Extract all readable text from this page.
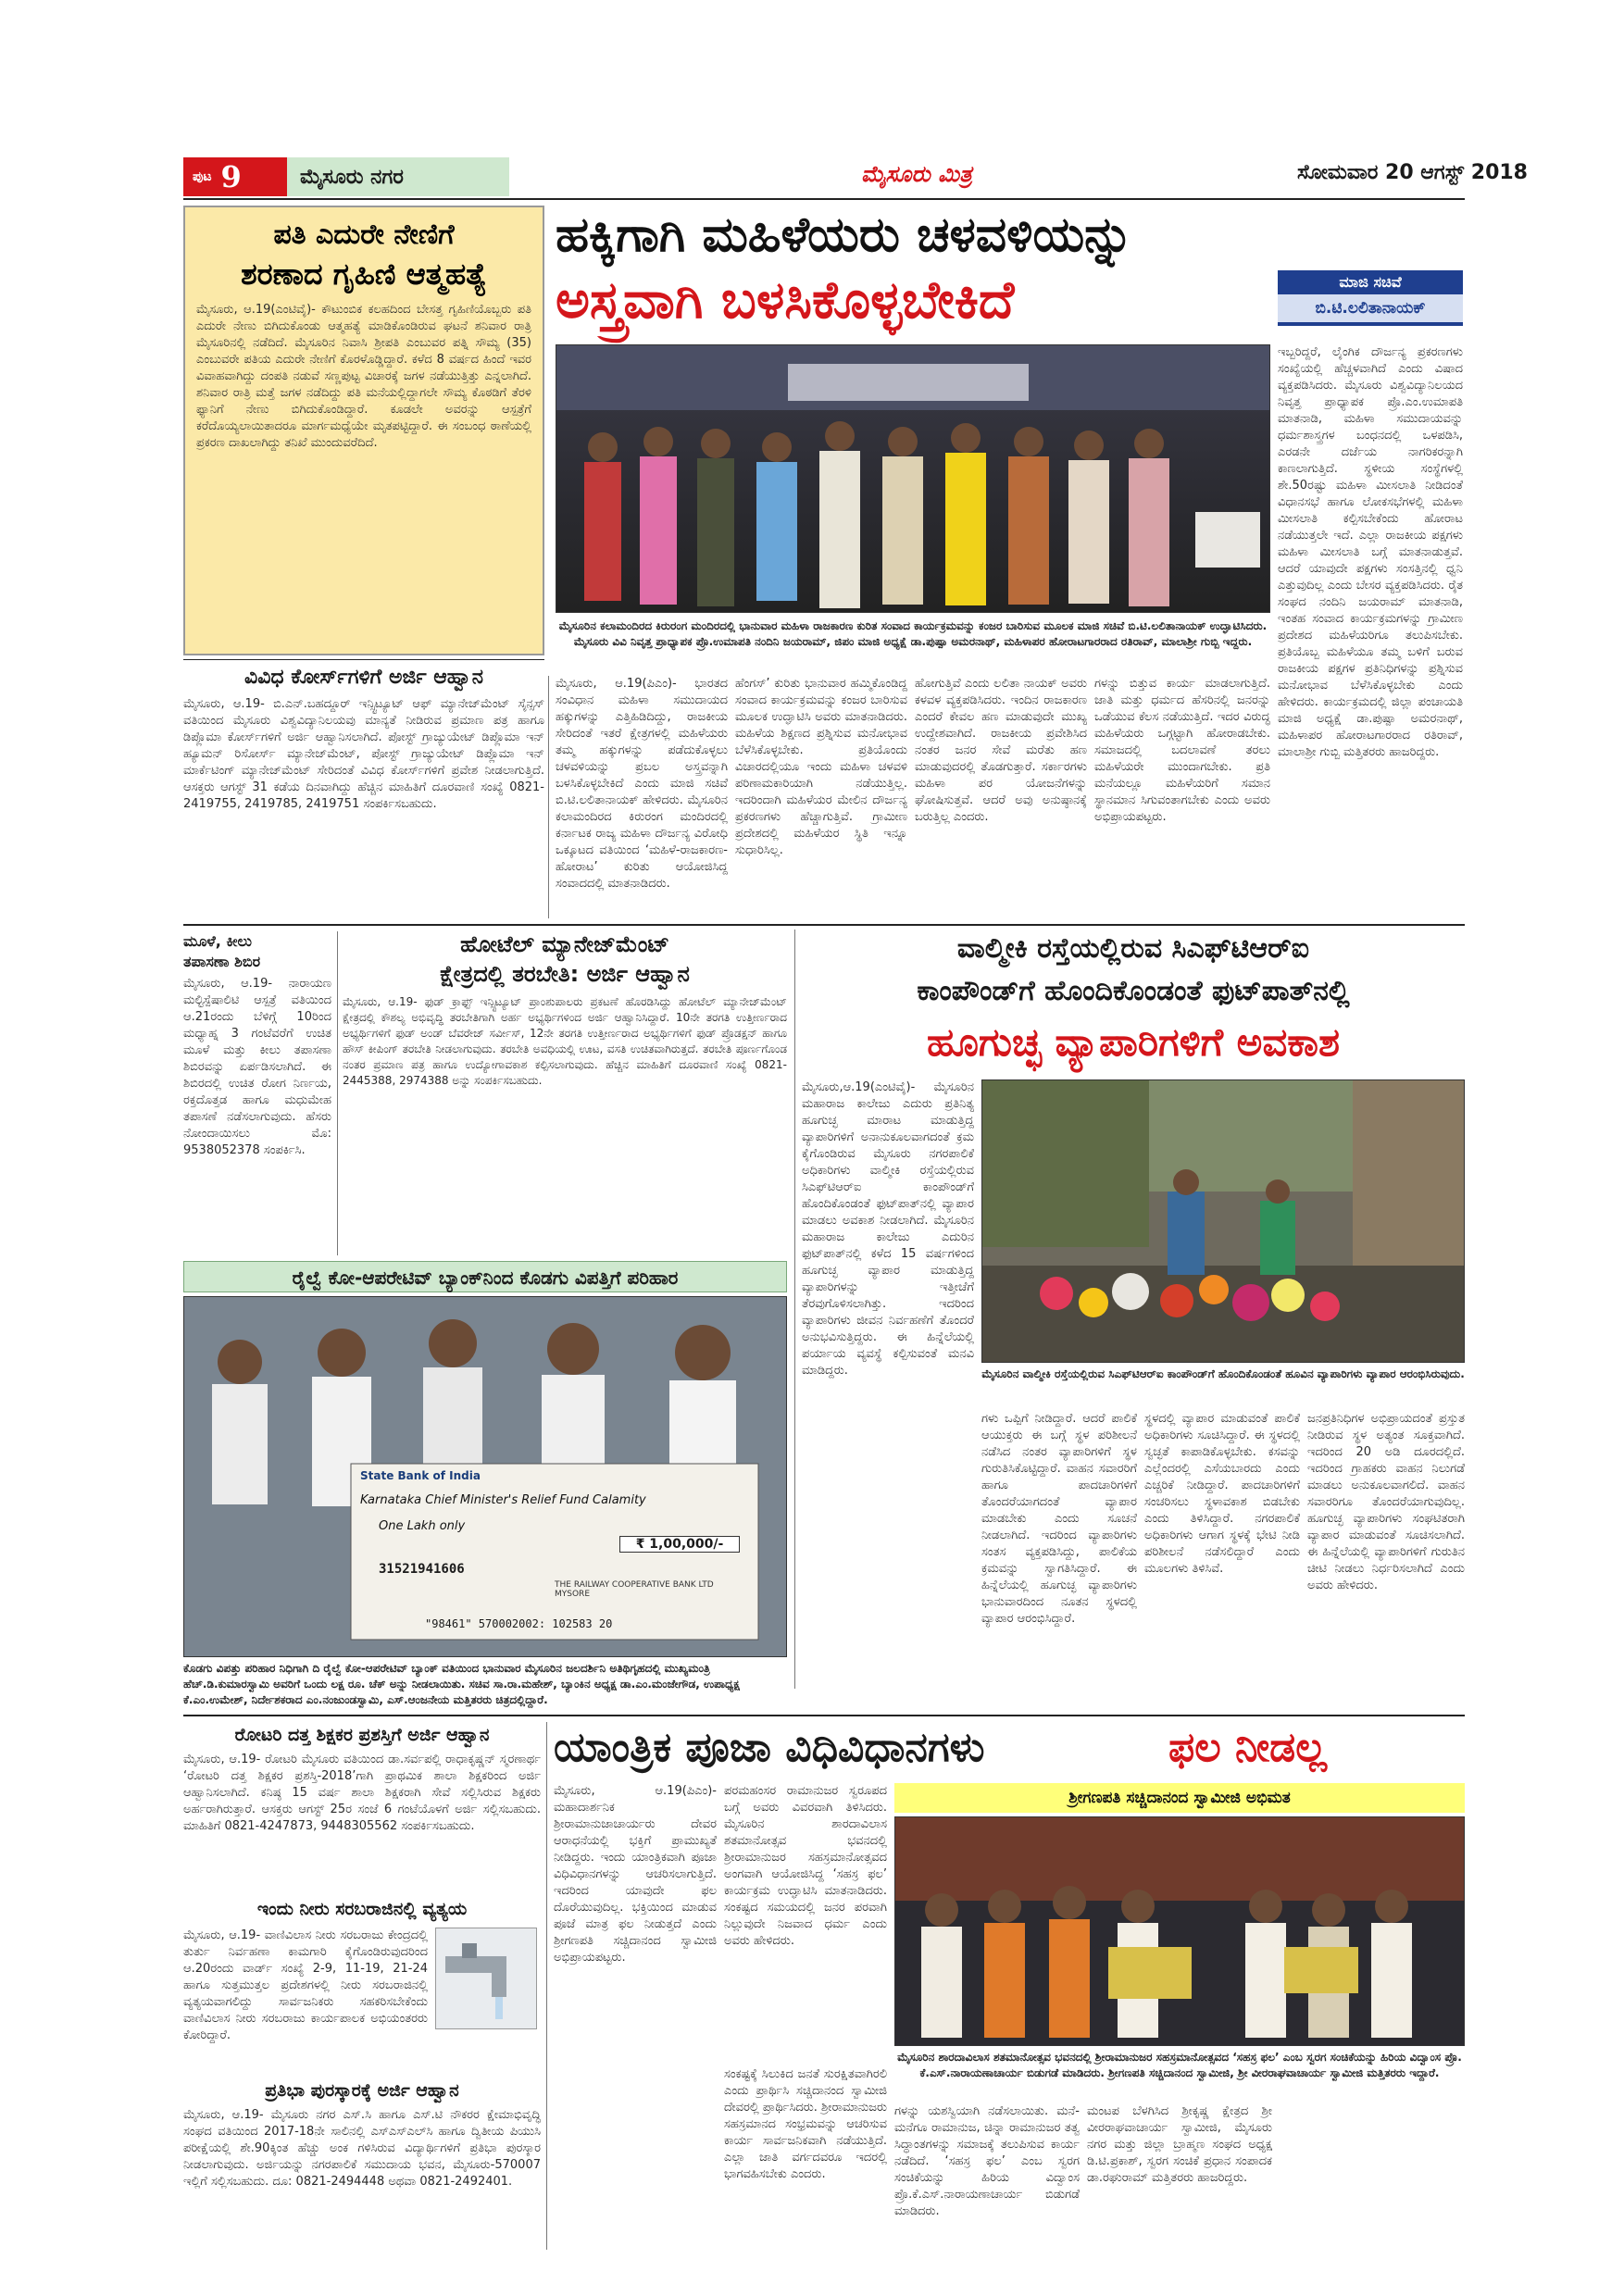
ಪುಟ 9	ಮೈಸೂರು ನಗರ	ಮೈಸೂರು ಮಿತ್ರ	ಸೋಮವಾರ 20 ಆಗಸ್ಟ್ 2018
ಪತಿ ಎದುರೇ ನೇಣಿಗೆ
ಶರಣಾದ ಗೃಹಿಣಿ ಆತ್ಮಹತ್ಯೆ
ಮೈಸೂರು, ಆ.19(ಎಂಟಿವೈ)- ಕೌಟುಂಬಿಕ ಕಲಹದಿಂದ ಬೇಸತ್ತ ಗೃಹಿಣಿಯೊಬ್ಬರು ಪತಿ ಎದುರೇ ನೇಣು ಬಿಗಿದುಕೊಂಡು ಆತ್ಮಹತ್ಯೆ ಮಾಡಿಕೊಂಡಿರುವ ಘಟನೆ ಶನಿವಾರ ರಾತ್ರಿ ಮೈಸೂರಿನಲ್ಲಿ ನಡೆದಿದೆ. ಮೈಸೂರಿನ ನಿವಾಸಿ ಶ್ರೀಪತಿ ಎಂಬುವರ ಪತ್ನಿ ಸೌಮ್ಯ (35) ಎಂಬುವರೇ ಪತಿಯ ಎದುರೇ ನೇಣಿಗೆ ಕೊರಳೊಡ್ಡಿದ್ದಾರೆ. ಕಳೆದ 8 ವರ್ಷದ ಹಿಂದೆ ಇವರ ವಿವಾಹವಾಗಿದ್ದು ದಂಪತಿ ನಡುವೆ ಸಣ್ಣಪುಟ್ಟ ವಿಚಾರಕ್ಕೆ ಜಗಳ ನಡೆಯುತ್ತಿತ್ತು ಎನ್ನಲಾಗಿದೆ. ಶನಿವಾರ ರಾತ್ರಿ ಮತ್ತೆ ಜಗಳ ನಡೆದಿದ್ದು ಪತಿ ಮನೆಯಲ್ಲಿದ್ದಾಗಲೇ ಸೌಮ್ಯ ಕೊಠಡಿಗೆ ತೆರಳಿ ಫ್ಯಾನಿಗೆ ನೇಣು ಬಿಗಿದುಕೊಂಡಿದ್ದಾರೆ. ಕೂಡಲೇ ಅವರನ್ನು ಆಸ್ಪತ್ರೆಗೆ ಕರೆದೊಯ್ಯಲಾಯಿತಾದರೂ ಮಾರ್ಗಮಧ್ಯೆಯೇ ಮೃತಪಟ್ಟಿದ್ದಾರೆ. ಈ ಸಂಬಂಧ ಠಾಣೆಯಲ್ಲಿ ಪ್ರಕರಣ ದಾಖಲಾಗಿದ್ದು ತನಿಖೆ ಮುಂದುವರೆದಿದೆ.
ಹಕ್ಕಿಗಾಗಿ ಮಹಿಳೆಯರು ಚಳವಳಿಯನ್ನು
ಅಸ್ತ್ರವಾಗಿ ಬಳಸಿಕೊಳ್ಳಬೇಕಿದೆ	ಮಾಜಿ ಸಚಿವೆ
ಬಿ.ಟಿ.ಲಲಿತಾನಾಯಕ್
ಮೈಸೂರಿನ ಕಲಾಮಂದಿರದ ಕಿರುರಂಗ ಮಂದಿರದಲ್ಲಿ ಭಾನುವಾರ ಮಹಿಳಾ ರಾಜಕಾರಣ ಕುರಿತ ಸಂವಾದ ಕಾರ್ಯಕ್ರಮವನ್ನು ಕಂಜರ ಬಾರಿಸುವ ಮೂಲಕ ಮಾಜಿ ಸಚಿವೆ ಬಿ.ಟಿ.ಲಲಿತಾನಾಯಕ್ ಉದ್ಘಾಟಿಸಿದರು. ಮೈಸೂರು ವಿವಿ ನಿವೃತ್ತ ಪ್ರಾಧ್ಯಾಪಕ ಪ್ರೊ.ಉಮಾಪತಿ ನಂದಿನಿ ಜಯರಾಮ್, ಜಿಪಂ ಮಾಜಿ ಅಧ್ಯಕ್ಷೆ ಡಾ.ಪುಷ್ಪಾ ಅಮರನಾಥ್, ಮಹಿಳಾಪರ ಹೋರಾಟಗಾರರಾದ ರತಿರಾವ್, ಮಾಲಾಶ್ರೀ ಗುಬ್ಬಿ ಇದ್ದರು.
ಇಬ್ಬರಿದ್ದರೆ, ಲೈಂಗಿಕ ದೌರ್ಜನ್ಯ ಪ್ರಕರಣಗಳು ಸಂಖ್ಯೆಯಲ್ಲಿ ಹೆಚ್ಚಳವಾಗಿದೆ ಎಂದು ವಿಷಾದ ವ್ಯಕ್ತಪಡಿಸಿದರು. ಮೈಸೂರು ವಿಶ್ವವಿದ್ಯಾನಿಲಯದ ನಿವೃತ್ತ ಪ್ರಾಧ್ಯಾಪಕ ಪ್ರೊ.ಎಂ.ಉಮಾಪತಿ ಮಾತನಾಡಿ, ಮಹಿಳಾ ಸಮುದಾಯವನ್ನು ಧರ್ಮಶಾಸ್ತ್ರಗಳ ಬಂಧನದಲ್ಲಿ ಒಳಪಡಿಸಿ, ಎರಡನೇ ದರ್ಜೆಯ ನಾಗರಿಕರನ್ನಾಗಿ ಕಾಣಲಾಗುತ್ತಿದೆ. ಸ್ಥಳೀಯ ಸಂಸ್ಥೆಗಳಲ್ಲಿ ಶೇ.50ರಷ್ಟು ಮಹಿಳಾ ಮೀಸಲಾತಿ ನೀಡಿದಂತೆ ವಿಧಾನಸಭೆ ಹಾಗೂ ಲೋಕಸಭೆಗಳಲ್ಲಿ ಮಹಿಳಾ ಮೀಸಲಾತಿ ಕಲ್ಪಿಸಬೇಕೆಂದು ಹೋರಾಟ ನಡೆಯುತ್ತಲೇ ಇದೆ. ಎಲ್ಲಾ ರಾಜಕೀಯ ಪಕ್ಷಗಳು ಮಹಿಳಾ ಮೀಸಲಾತಿ ಬಗ್ಗೆ ಮಾತನಾಡುತ್ತವೆ. ಆದರೆ ಯಾವುದೇ ಪಕ್ಷಗಳು ಸಂಸತ್ತಿನಲ್ಲಿ ಧ್ವನಿ ಎತ್ತುವುದಿಲ್ಲ ಎಂದು ಬೇಸರ ವ್ಯಕ್ತಪಡಿಸಿದರು. ರೈತ ಸಂಘದ ನಂದಿನಿ ಜಯರಾಮ್ ಮಾತನಾಡಿ, ಇಂತಹ ಸಂವಾದ ಕಾರ್ಯಕ್ರಮಗಳನ್ನು ಗ್ರಾಮೀಣ ಪ್ರದೇಶದ ಮಹಿಳೆಯರಿಗೂ ತಲುಪಿಸಬೇಕು. ಪ್ರತಿಯೊಬ್ಬ ಮಹಿಳೆಯೂ ತಮ್ಮ ಬಳಿಗೆ ಬರುವ ರಾಜಕೀಯ ಪಕ್ಷಗಳ ಪ್ರತಿನಿಧಿಗಳನ್ನು ಪ್ರಶ್ನಿಸುವ ಮನೋಭಾವ ಬೆಳೆಸಿಕೊಳ್ಳಬೇಕು ಎಂದು ಹೇಳಿದರು. ಕಾರ್ಯಕ್ರಮದಲ್ಲಿ ಜಿಲ್ಲಾ ಪಂಚಾಯತಿ ಮಾಜಿ ಅಧ್ಯಕ್ಷೆ ಡಾ.ಪುಷ್ಪಾ ಅಮರನಾಥ್, ಮಹಿಳಾಪರ ಹೋರಾಟಗಾರರಾದ ರತಿರಾವ್, ಮಾಲಾಶ್ರೀ ಗುಬ್ಬಿ ಮತ್ತಿತರರು ಹಾಜರಿದ್ದರು.
ವಿವಿಧ ಕೋರ್ಸ್‌ಗಳಿಗೆ ಅರ್ಜಿ ಆಹ್ವಾನ
ಮೈಸೂರು, ಆ.19- ಬಿ.ಎನ್.ಬಹದ್ದೂರ್ ಇನ್ಸ್ಟಿಟ್ಯೂಟ್ ಆಫ್ ಮ್ಯಾನೇಜ್‌ಮೆಂಟ್ ಸೈನ್ಸಸ್ ವತಿಯಿಂದ ಮೈಸೂರು ವಿಶ್ವವಿದ್ಯಾನಿಲಯವು ಮಾನ್ಯತೆ ನೀಡಿರುವ ಪ್ರಮಾಣ ಪತ್ರ ಹಾಗೂ ಡಿಪ್ಲೊಮಾ ಕೋರ್ಸ್‌ಗಳಿಗೆ ಅರ್ಜಿ ಆಹ್ವಾನಿಸಲಾಗಿದೆ. ಪೋಸ್ಟ್ ಗ್ರಾಜ್ಯುಯೇಟ್ ಡಿಪ್ಲೊಮಾ ಇನ್ ಹ್ಯೂಮನ್ ರಿಸೋರ್ಸ್ ಮ್ಯಾನೇಜ್‌ಮೆಂಟ್, ಪೋಸ್ಟ್ ಗ್ರಾಜ್ಯುಯೇಟ್ ಡಿಪ್ಲೊಮಾ ಇನ್ ಮಾರ್ಕೆಟಿಂಗ್ ಮ್ಯಾನೇಜ್‌ಮೆಂಟ್ ಸೇರಿದಂತೆ ವಿವಿಧ ಕೋರ್ಸ್‌ಗಳಿಗೆ ಪ್ರವೇಶ ನೀಡಲಾಗುತ್ತಿದೆ. ಆಸಕ್ತರು ಆಗಸ್ಟ್ 31 ಕಡೆಯ ದಿನವಾಗಿದ್ದು ಹೆಚ್ಚಿನ ಮಾಹಿತಿಗೆ ದೂರವಾಣಿ ಸಂಖ್ಯೆ 0821-2419755, 2419785, 2419751 ಸಂಪರ್ಕಿಸಬಹುದು.
ಮೈಸೂರು, ಆ.19(ಪಿಎಂ)- ಭಾರತದ ಸಂವಿಧಾನ ಮಹಿಳಾ ಸಮುದಾಯದ ಹಕ್ಕುಗಳನ್ನು ಎತ್ತಿಹಿಡಿದಿದ್ದು, ರಾಜಕೀಯ ಸೇರಿದಂತೆ ಇತರೆ ಕ್ಷೇತ್ರಗಳಲ್ಲಿ ಮಹಿಳೆಯರು ತಮ್ಮ ಹಕ್ಕುಗಳನ್ನು ಪಡೆದುಕೊಳ್ಳಲು ಚಳವಳಿಯನ್ನು ಪ್ರಬಲ ಅಸ್ತ್ರವನ್ನಾಗಿ ಬಳಸಿಕೊಳ್ಳಬೇಕಿದೆ ಎಂದು ಮಾಜಿ ಸಚಿವೆ ಬಿ.ಟಿ.ಲಲಿತಾನಾಯಕ್ ಹೇಳಿದರು. ಮೈಸೂರಿನ ಕಲಾಮಂದಿರದ ಕಿರುರಂಗ ಮಂದಿರದಲ್ಲಿ ಕರ್ನಾಟಕ ರಾಜ್ಯ ಮಹಿಳಾ ದೌರ್ಜನ್ಯ ವಿರೋಧಿ ಒಕ್ಕೂಟದ ವತಿಯಿಂದ ‘ಮಹಿಳೆ-ರಾಜಕಾರಣ-ಹೋರಾಟ’ ಕುರಿತು ಆಯೋಜಿಸಿದ್ದ ಸಂವಾದದಲ್ಲಿ ಮಾತನಾಡಿದರು.
ಹೆಂಗಸ್’ ಕುರಿತು ಭಾನುವಾರ ಹಮ್ಮಿಕೊಂಡಿದ್ದ ಸಂವಾದ ಕಾರ್ಯಕ್ರಮವನ್ನು ಕಂಜರ ಬಾರಿಸುವ ಮೂಲಕ ಉದ್ಘಾಟಿಸಿ ಅವರು ಮಾತನಾಡಿದರು. ಮಹಿಳೆಯ ಶಿಕ್ಷಣದ ಪ್ರಶ್ನಿಸುವ ಮನೋಭಾವ ಬೆಳೆಸಿಕೊಳ್ಳಬೇಕು. ಪ್ರತಿಯೊಂದು ವಿಚಾರದಲ್ಲಿಯೂ ಇಂದು ಮಹಿಳಾ ಚಳವಳಿ ಪರಿಣಾಮಕಾರಿಯಾಗಿ ನಡೆಯುತ್ತಿಲ್ಲ. ಇದರಿಂದಾಗಿ ಮಹಿಳೆಯರ ಮೇಲಿನ ದೌರ್ಜನ್ಯ ಪ್ರಕರಣಗಳು ಹೆಚ್ಚಾಗುತ್ತಿವೆ. ಗ್ರಾಮೀಣ ಪ್ರದೇಶದಲ್ಲಿ ಮಹಿಳೆಯರ ಸ್ಥಿತಿ ಇನ್ನೂ ಸುಧಾರಿಸಿಲ್ಲ.
ಹೋಗುತ್ತಿವೆ ಎಂದು ಲಲಿತಾ ನಾಯಕ್ ಅವರು ಕಳವಳ ವ್ಯಕ್ತಪಡಿಸಿದರು. ಇಂದಿನ ರಾಜಕಾರಣ ಎಂದರೆ ಕೇವಲ ಹಣ ಮಾಡುವುದೇ ಮುಖ್ಯ ಉದ್ದೇಶವಾಗಿದೆ. ರಾಜಕೀಯ ಪ್ರವೇಶಿಸಿದ ನಂತರ ಜನರ ಸೇವೆ ಮರೆತು ಹಣ ಮಾಡುವುದರಲ್ಲಿ ತೊಡಗುತ್ತಾರೆ. ಸರ್ಕಾರಗಳು ಮಹಿಳಾ ಪರ ಯೋಜನೆಗಳನ್ನು ಘೋಷಿಸುತ್ತವೆ. ಆದರೆ ಅವು ಅನುಷ್ಠಾನಕ್ಕೆ ಬರುತ್ತಿಲ್ಲ ಎಂದರು.
ಗಳನ್ನು ಬಿತ್ತುವ ಕಾರ್ಯ ಮಾಡಲಾಗುತ್ತಿದೆ. ಜಾತಿ ಮತ್ತು ಧರ್ಮದ ಹೆಸರಿನಲ್ಲಿ ಜನರನ್ನು ಒಡೆಯುವ ಕೆಲಸ ನಡೆಯುತ್ತಿದೆ. ಇದರ ವಿರುದ್ಧ ಮಹಿಳೆಯರು ಒಗ್ಗಟ್ಟಾಗಿ ಹೋರಾಡಬೇಕು. ಸಮಾಜದಲ್ಲಿ ಬದಲಾವಣೆ ತರಲು ಮಹಿಳೆಯರೇ ಮುಂದಾಗಬೇಕು. ಪ್ರತಿ ಮನೆಯಲ್ಲೂ ಮಹಿಳೆಯರಿಗೆ ಸಮಾನ ಸ್ಥಾನಮಾನ ಸಿಗುವಂತಾಗಬೇಕು ಎಂದು ಅವರು ಅಭಿಪ್ರಾಯಪಟ್ಟರು.
ಮೂಳೆ, ಕೀಲು
ತಪಾಸಣಾ ಶಿಬಿರ
ಮೈಸೂರು, ಆ.19- ನಾರಾಯಣ ಮಲ್ಟಿಸ್ಪೆಷಾಲಿಟಿ ಆಸ್ಪತ್ರೆ ವತಿಯಿಂದ ಆ.21ರಂದು ಬೆಳಿಗ್ಗೆ 10ರಿಂದ ಮಧ್ಯಾಹ್ನ 3 ಗಂಟೆವರೆಗೆ ಉಚಿತ ಮೂಳೆ ಮತ್ತು ಕೀಲು ತಪಾಸಣಾ ಶಿಬಿರವನ್ನು ಏರ್ಪಡಿಸಲಾಗಿದೆ. ಈ ಶಿಬಿರದಲ್ಲಿ ಉಚಿತ ರೋಗ ನಿರ್ಣಯ, ರಕ್ತದೊತ್ತಡ ಹಾಗೂ ಮಧುಮೇಹ ತಪಾಸಣೆ ನಡೆಸಲಾಗುವುದು. ಹೆಸರು ನೋಂದಾಯಿಸಲು ಮೊ: 9538052378 ಸಂಪರ್ಕಿಸಿ.
ಹೋಟೆಲ್ ಮ್ಯಾನೇಜ್‌ಮೆಂಟ್
ಕ್ಷೇತ್ರದಲ್ಲಿ ತರಬೇತಿ: ಅರ್ಜಿ ಆಹ್ವಾನ
ಮೈಸೂರು, ಆ.19- ಫುಡ್ ಕ್ರಾಫ್ಟ್ ಇನ್ಸ್ಟಿಟ್ಯೂಟ್ ಪ್ರಾಂಶುಪಾಲರು ಪ್ರಕಟಣೆ ಹೊರಡಿಸಿದ್ದು ಹೋಟೆಲ್ ಮ್ಯಾನೇಜ್‌ಮೆಂಟ್ ಕ್ಷೇತ್ರದಲ್ಲಿ ಕೌಶಲ್ಯ ಅಭಿವೃದ್ಧಿ ತರಬೇತಿಗಾಗಿ ಅರ್ಹ ಅಭ್ಯರ್ಥಿಗಳಿಂದ ಅರ್ಜಿ ಆಹ್ವಾನಿಸಿದ್ದಾರೆ. 10ನೇ ತರಗತಿ ಉತ್ತೀರ್ಣರಾದ ಅಭ್ಯರ್ಥಿಗಳಿಗೆ ಫುಡ್ ಅಂಡ್ ಬೆವರೇಜ್ ಸರ್ವೀಸ್, 12ನೇ ತರಗತಿ ಉತ್ತೀರ್ಣರಾದ ಅಭ್ಯರ್ಥಿಗಳಿಗೆ ಫುಡ್ ಪ್ರೊಡಕ್ಷನ್ ಹಾಗೂ ಹೌಸ್ ಕೀಪಿಂಗ್ ತರಬೇತಿ ನೀಡಲಾಗುವುದು. ತರಬೇತಿ ಅವಧಿಯಲ್ಲಿ ಊಟ, ವಸತಿ ಉಚಿತವಾಗಿರುತ್ತದೆ. ತರಬೇತಿ ಪೂರ್ಣಗೊಂಡ ನಂತರ ಪ್ರಮಾಣ ಪತ್ರ ಹಾಗೂ ಉದ್ಯೋಗಾವಕಾಶ ಕಲ್ಪಿಸಲಾಗುವುದು. ಹೆಚ್ಚಿನ ಮಾಹಿತಿಗೆ ದೂರವಾಣಿ ಸಂಖ್ಯೆ 0821-2445388, 2974388 ಅನ್ನು ಸಂಪರ್ಕಿಸಬಹುದು.
ವಾಲ್ಮೀಕಿ ರಸ್ತೆಯಲ್ಲಿರುವ ಸಿಎಫ್‌ಟಿಆರ್‌ಐ
ಕಾಂಪೌಂಡ್‌ಗೆ ಹೊಂದಿಕೊಂಡಂತೆ ಫುಟ್‌ಪಾತ್‌ನಲ್ಲಿ
ಹೂಗುಚ್ಛ ವ್ಯಾಪಾರಿಗಳಿಗೆ ಅವಕಾಶ
ಮೈಸೂರು,ಆ.19(ಎಂಟಿವೈ)- ಮೈಸೂರಿನ ಮಹಾರಾಜ ಕಾಲೇಜು ಎದುರು ಪ್ರತಿನಿತ್ಯ ಹೂಗುಚ್ಛ ಮಾರಾಟ ಮಾಡುತ್ತಿದ್ದ ವ್ಯಾಪಾರಿಗಳಿಗೆ ಅನಾನುಕೂಲವಾಗದಂತೆ ಕ್ರಮ ಕೈಗೊಂಡಿರುವ ಮೈಸೂರು ನಗರಪಾಲಿಕೆ ಅಧಿಕಾರಿಗಳು ವಾಲ್ಮೀಕಿ ರಸ್ತೆಯಲ್ಲಿರುವ ಸಿಎಫ್‌ಟಿಆರ್‌ಐ ಕಾಂಪೌಂಡ್‌ಗೆ ಹೊಂದಿಕೊಂಡಂತೆ ಫುಟ್‌ಪಾತ್‌ನಲ್ಲಿ ವ್ಯಾಪಾರ ಮಾಡಲು ಅವಕಾಶ ನೀಡಲಾಗಿದೆ. ಮೈಸೂರಿನ ಮಹಾರಾಜ ಕಾಲೇಜು ಎದುರಿನ ಫುಟ್‌ಪಾತ್‌ನಲ್ಲಿ ಕಳೆದ 15 ವರ್ಷಗಳಿಂದ ಹೂಗುಚ್ಛ ವ್ಯಾಪಾರ ಮಾಡುತ್ತಿದ್ದ ವ್ಯಾಪಾರಿಗಳನ್ನು ಇತ್ತೀಚೆಗೆ ತೆರವುಗೊಳಿಸಲಾಗಿತ್ತು. ಇದರಿಂದ ವ್ಯಾಪಾರಿಗಳು ಜೀವನ ನಿರ್ವಹಣೆಗೆ ತೊಂದರೆ ಅನುಭವಿಸುತ್ತಿದ್ದರು. ಈ ಹಿನ್ನೆಲೆಯಲ್ಲಿ ಪರ್ಯಾಯ ವ್ಯವಸ್ಥೆ ಕಲ್ಪಿಸುವಂತೆ ಮನವಿ ಮಾಡಿದ್ದರು.	ಮೈಸೂರಿನ ವಾಲ್ಮೀಕಿ ರಸ್ತೆಯಲ್ಲಿರುವ ಸಿಎಫ್‌ಟಿಆರ್‌ಐ ಕಾಂಪೌಂಡ್‌ಗೆ ಹೊಂದಿಕೊಂಡಂತೆ ಹೂವಿನ ವ್ಯಾಪಾರಿಗಳು ವ್ಯಾಪಾರ ಆರಂಭಿಸಿರುವುದು.
ಗಳು ಒಪ್ಪಿಗೆ ನೀಡಿದ್ದಾರೆ. ಆದರೆ ಪಾಲಿಕೆ ಆಯುಕ್ತರು ಈ ಬಗ್ಗೆ ಸ್ಥಳ ಪರಿಶೀಲನೆ ನಡೆಸಿದ ನಂತರ ವ್ಯಾಪಾರಿಗಳಿಗೆ ಸ್ಥಳ ಗುರುತಿಸಿಕೊಟ್ಟಿದ್ದಾರೆ. ವಾಹನ ಸವಾರರಿಗೆ ಹಾಗೂ ಪಾದಚಾರಿಗಳಿಗೆ ತೊಂದರೆಯಾಗದಂತೆ ವ್ಯಾಪಾರ ಮಾಡಬೇಕು ಎಂದು ಸೂಚನೆ ನೀಡಲಾಗಿದೆ. ಇದರಿಂದ ವ್ಯಾಪಾರಿಗಳು ಸಂತಸ ವ್ಯಕ್ತಪಡಿಸಿದ್ದು, ಪಾಲಿಕೆಯ ಕ್ರಮವನ್ನು ಸ್ವಾಗತಿಸಿದ್ದಾರೆ. ಈ ಹಿನ್ನೆಲೆಯಲ್ಲಿ ಹೂಗುಚ್ಛ ವ್ಯಾಪಾರಿಗಳು ಭಾನುವಾರದಿಂದ ನೂತನ ಸ್ಥಳದಲ್ಲಿ ವ್ಯಾಪಾರ ಆರಂಭಿಸಿದ್ದಾರೆ.
ಸ್ಥಳದಲ್ಲಿ ವ್ಯಾಪಾರ ಮಾಡುವಂತೆ ಪಾಲಿಕೆ ಅಧಿಕಾರಿಗಳು ಸೂಚಿಸಿದ್ದಾರೆ. ಈ ಸ್ಥಳದಲ್ಲಿ ಸ್ವಚ್ಛತೆ ಕಾಪಾಡಿಕೊಳ್ಳಬೇಕು. ಕಸವನ್ನು ಎಲ್ಲೆಂದರಲ್ಲಿ ಎಸೆಯಬಾರದು ಎಂದು ಎಚ್ಚರಿಕೆ ನೀಡಿದ್ದಾರೆ. ಪಾದಚಾರಿಗಳಿಗೆ ಸಂಚರಿಸಲು ಸ್ಥಳಾವಕಾಶ ಬಿಡಬೇಕು ಎಂದು ತಿಳಿಸಿದ್ದಾರೆ. ನಗರಪಾಲಿಕೆ ಅಧಿಕಾರಿಗಳು ಆಗಾಗ ಸ್ಥಳಕ್ಕೆ ಭೇಟಿ ನೀಡಿ ಪರಿಶೀಲನೆ ನಡೆಸಲಿದ್ದಾರೆ ಎಂದು ಮೂಲಗಳು ತಿಳಿಸಿವೆ.
ಜನಪ್ರತಿನಿಧಿಗಳ ಅಭಿಪ್ರಾಯದಂತೆ ಪ್ರಸ್ತುತ ನೀಡಿರುವ ಸ್ಥಳ ಅತ್ಯಂತ ಸೂಕ್ತವಾಗಿದೆ. ಇದರಿಂದ 20 ಅಡಿ ದೂರದಲ್ಲಿದೆ. ಇದರಿಂದ ಗ್ರಾಹಕರು ವಾಹನ ನಿಲುಗಡೆ ಮಾಡಲು ಅನುಕೂಲವಾಗಲಿದೆ. ವಾಹನ ಸವಾರರಿಗೂ ತೊಂದರೆಯಾಗುವುದಿಲ್ಲ. ಹೂಗುಚ್ಛ ವ್ಯಾಪಾರಿಗಳು ಸಂಘಟಿತರಾಗಿ ವ್ಯಾಪಾರ ಮಾಡುವಂತೆ ಸೂಚಿಸಲಾಗಿದೆ. ಈ ಹಿನ್ನೆಲೆಯಲ್ಲಿ ವ್ಯಾಪಾರಿಗಳಿಗೆ ಗುರುತಿನ ಚೀಟಿ ನೀಡಲು ನಿರ್ಧರಿಸಲಾಗಿದೆ ಎಂದು ಅವರು ಹೇಳಿದರು.
ರೈಲ್ವೆ ಕೋ-ಆಪರೇಟಿವ್ ಬ್ಯಾಂಕ್‌ನಿಂದ ಕೊಡಗು ವಿಪತ್ತಿಗೆ ಪರಿಹಾರ
State Bank of India
Karnataka Chief Minister's Relief Fund Calamity
One Lakh only
₹ 1,00,000/-
31521941606
THE RAILWAY COOPERATIVE BANK LTD MYSORE
"98461" 570002002: 102583 20
ಕೊಡಗು ವಿಪತ್ತು ಪರಿಹಾರ ನಿಧಿಗಾಗಿ ದಿ ರೈಲ್ವೆ ಕೋ-ಆಪರೇಟಿವ್ ಬ್ಯಾಂಕ್ ವತಿಯಿಂದ ಭಾನುವಾರ ಮೈಸೂರಿನ ಜಲದರ್ಶಿನಿ ಅತಿಥಿಗೃಹದಲ್ಲಿ ಮುಖ್ಯಮಂತ್ರಿ ಹೆಚ್.ಡಿ.ಕುಮಾರಸ್ವಾಮಿ ಅವರಿಗೆ ಒಂದು ಲಕ್ಷ ರೂ. ಚೆಕ್ ಅನ್ನು ನೀಡಲಾಯಿತು. ಸಚಿವ ಸಾ.ರಾ.ಮಹೇಶ್, ಬ್ಯಾಂಕಿನ ಅಧ್ಯಕ್ಷ ಡಾ.ಎಂ.ಮಂಜೇಗೌಡ, ಉಪಾಧ್ಯಕ್ಷ ಕೆ.ಎಂ.ಉಮೇಶ್, ನಿರ್ದೇಶಕರಾದ ಎಂ.ನಂಜುಂಡಸ್ವಾಮಿ, ಎಸ್.ಆಂಜನೇಯ ಮತ್ತಿತರರು ಚಿತ್ರದಲ್ಲಿದ್ದಾರೆ.
ರೋಟರಿ ದತ್ತ ಶಿಕ್ಷಕರ ಪ್ರಶಸ್ತಿಗೆ ಅರ್ಜಿ ಆಹ್ವಾನ
ಮೈಸೂರು, ಆ.19- ರೋಟರಿ ಮೈಸೂರು ವತಿಯಿಂದ ಡಾ.ಸರ್ವಪಲ್ಲಿ ರಾಧಾಕೃಷ್ಣನ್ ಸ್ಮರಣಾರ್ಥ ‘ರೋಟರಿ ದತ್ತ ಶಿಕ್ಷಕರ ಪ್ರಶಸ್ತಿ-2018’ಗಾಗಿ ಪ್ರಾಥಮಿಕ ಶಾಲಾ ಶಿಕ್ಷಕರಿಂದ ಅರ್ಜಿ ಆಹ್ವಾನಿಸಲಾಗಿದೆ. ಕನಿಷ್ಠ 15 ವರ್ಷ ಶಾಲಾ ಶಿಕ್ಷಕರಾಗಿ ಸೇವೆ ಸಲ್ಲಿಸಿರುವ ಶಿಕ್ಷಕರು ಅರ್ಹರಾಗಿರುತ್ತಾರೆ. ಆಸಕ್ತರು ಆಗಸ್ಟ್ 25ರ ಸಂಜೆ 6 ಗಂಟೆಯೊಳಗೆ ಅರ್ಜಿ ಸಲ್ಲಿಸಬಹುದು. ಮಾಹಿತಿಗೆ 0821-4247873, 9448305562 ಸಂಪರ್ಕಿಸಬಹುದು.
ಇಂದು ನೀರು ಸರಬರಾಜಿನಲ್ಲಿ ವ್ಯತ್ಯಯ
ಮೈಸೂರು, ಆ.19- ವಾಣಿವಿಲಾಸ ನೀರು ಸರಬರಾಜು ಕೇಂದ್ರದಲ್ಲಿ ತುರ್ತು ನಿರ್ವಹಣಾ ಕಾಮಗಾರಿ ಕೈಗೊಂಡಿರುವುದರಿಂದ ಆ.20ರಂದು ವಾರ್ಡ್ ಸಂಖ್ಯೆ 2-9, 11-19, 21-24 ಹಾಗೂ ಸುತ್ತಮುತ್ತಲ ಪ್ರದೇಶಗಳಲ್ಲಿ ನೀರು ಸರಬರಾಜಿನಲ್ಲಿ ವ್ಯತ್ಯಯವಾಗಲಿದ್ದು ಸಾರ್ವಜನಿಕರು ಸಹಕರಿಸಬೇಕೆಂದು ವಾಣಿವಿಲಾಸ ನೀರು ಸರಬರಾಜು ಕಾರ್ಯಪಾಲಕ ಅಭಿಯಂತರರು ಕೋರಿದ್ದಾರೆ.
ಪ್ರತಿಭಾ ಪುರಸ್ಕಾರಕ್ಕೆ ಅರ್ಜಿ ಆಹ್ವಾನ
ಮೈಸೂರು, ಆ.19- ಮೈಸೂರು ನಗರ ಎಸ್.ಸಿ ಹಾಗೂ ಎಸ್.ಟಿ ನೌಕರರ ಕ್ಷೇಮಾಭಿವೃದ್ಧಿ ಸಂಘದ ವತಿಯಿಂದ 2017-18ನೇ ಸಾಲಿನಲ್ಲಿ ಎಸ್‌ಎಸ್‌ಎಲ್‌ಸಿ ಹಾಗೂ ದ್ವಿತೀಯ ಪಿಯುಸಿ ಪರೀಕ್ಷೆಯಲ್ಲಿ ಶೇ.90ಕ್ಕಿಂತ ಹೆಚ್ಚು ಅಂಕ ಗಳಿಸಿರುವ ವಿದ್ಯಾರ್ಥಿಗಳಿಗೆ ಪ್ರತಿಭಾ ಪುರಸ್ಕಾರ ನೀಡಲಾಗುವುದು. ಅರ್ಜಿಯನ್ನು ನಗರಪಾಲಿಕೆ ಸಮುದಾಯ ಭವನ, ಮೈಸೂರು-570007 ಇಲ್ಲಿಗೆ ಸಲ್ಲಿಸಬಹುದು. ದೂ: 0821-2494448 ಅಥವಾ 0821-2492401.
ಯಾಂತ್ರಿಕ ಪೂಜಾ ವಿಧಿವಿಧಾನಗಳು	ಫಲ ನೀಡಲ್ಲ
ಮೈಸೂರು, ಆ.19(ಪಿಎಂ)- ಮಹಾದಾರ್ಶನಿಕ ಶ್ರೀರಾಮಾನುಜಾಚಾರ್ಯರು ದೇವರ ಆರಾಧನೆಯಲ್ಲಿ ಭಕ್ತಿಗೆ ಪ್ರಾಮುಖ್ಯತೆ ನೀಡಿದ್ದರು. ಇಂದು ಯಾಂತ್ರಿಕವಾಗಿ ಪೂಜಾ ವಿಧಿವಿಧಾನಗಳನ್ನು ಆಚರಿಸಲಾಗುತ್ತಿದೆ. ಇದರಿಂದ ಯಾವುದೇ ಫಲ ದೊರೆಯುವುದಿಲ್ಲ. ಭಕ್ತಿಯಿಂದ ಮಾಡುವ ಪೂಜೆ ಮಾತ್ರ ಫಲ ನೀಡುತ್ತದೆ ಎಂದು ಶ್ರೀಗಣಪತಿ ಸಚ್ಚಿದಾನಂದ ಸ್ವಾಮೀಜಿ ಅಭಿಪ್ರಾಯಪಟ್ಟರು.
ಪರಮಹಂಸರ ರಾಮಾನುಜರ ಸ್ವರೂಪದ ಬಗ್ಗೆ ಅವರು ವಿವರವಾಗಿ ತಿಳಿಸಿದರು. ಮೈಸೂರಿನ ಶಾರದಾವಿಲಾಸ ಶತಮಾನೋತ್ಸವ ಭವನದಲ್ಲಿ ಶ್ರೀರಾಮಾನುಜರ ಸಹಸ್ರಮಾನೋತ್ಸವದ ಅಂಗವಾಗಿ ಆಯೋಜಿಸಿದ್ದ ‘ಸಹಸ್ರ ಫಲ’ ಕಾರ್ಯಕ್ರಮ ಉದ್ಘಾಟಿಸಿ ಮಾತನಾಡಿದರು. ಸಂಕಷ್ಟದ ಸಮಯದಲ್ಲಿ ಜನರ ಪರವಾಗಿ ನಿಲ್ಲುವುದೇ ನಿಜವಾದ ಧರ್ಮ ಎಂದು ಅವರು ಹೇಳಿದರು.
ಶ್ರೀಗಣಪತಿ ಸಚ್ಚಿದಾನಂದ ಸ್ವಾಮೀಜಿ ಅಭಿಮತ
ಮೈಸೂರಿನ ಶಾರದಾವಿಲಾಸ ಶತಮಾನೋತ್ಸವ ಭವನದಲ್ಲಿ ಶ್ರೀರಾಮಾನುಜರ ಸಹಸ್ರಮಾನೋತ್ಸವದ ‘ಸಹಸ್ರ ಫಲ’ ಎಂಬ ಸ್ವರಗ ಸಂಚಿಕೆಯನ್ನು ಹಿರಿಯ ವಿದ್ವಾಂಸ ಪ್ರೊ. ಕೆ.ಎಸ್.ನಾರಾಯಣಾಚಾರ್ಯ ಬಿಡುಗಡೆ ಮಾಡಿದರು. ಶ್ರೀಗಣಪತಿ ಸಚ್ಚಿದಾನಂದ ಸ್ವಾಮೀಜಿ, ಶ್ರೀ ವೀರರಾಘವಾಚಾರ್ಯ ಸ್ವಾಮೀಜಿ ಮತ್ತಿತರರು ಇದ್ದಾರೆ.
ಸಂಕಷ್ಟಕ್ಕೆ ಸಿಲುಕಿದ ಜನತೆ ಸುರಕ್ಷಿತವಾಗಿರಲಿ ಎಂದು ಪ್ರಾರ್ಥಿಸಿ ಸಚ್ಚಿದಾನಂದ ಸ್ವಾಮೀಜಿ ದೇವರಲ್ಲಿ ಪ್ರಾರ್ಥಿಸಿದರು. ಶ್ರೀರಾಮಾನುಜರು ಸಹಸ್ರಮಾನದ ಸಂಭ್ರಮವನ್ನು ಆಚರಿಸುವ ಕಾರ್ಯ ಸಾರ್ವಜನಿಕವಾಗಿ ನಡೆಯುತ್ತಿದೆ. ಎಲ್ಲಾ ಜಾತಿ ವರ್ಗದವರೂ ಇದರಲ್ಲಿ ಭಾಗವಹಿಸಬೇಕು ಎಂದರು.
ಗಳನ್ನು ಯಶಸ್ವಿಯಾಗಿ ನಡೆಸಲಾಯಿತು. ಮನೆ-ಮನೆಗೂ ರಾಮಾನುಜ, ಚಿನ್ನಾ ರಾಮಾನುಜರ ತತ್ವ ಸಿದ್ಧಾಂತಗಳನ್ನು ಸಮಾಜಕ್ಕೆ ತಲುಪಿಸುವ ಕಾರ್ಯ ನಡೆದಿದೆ. ‘ಸಹಸ್ರ ಫಲ’ ಎಂಬ ಸ್ವರಗ ಸಂಚಿಕೆಯನ್ನು ಹಿರಿಯ ವಿದ್ವಾಂಸ ಪ್ರೊ.ಕೆ.ಎಸ್.ನಾರಾಯಣಾಚಾರ್ಯ ಬಿಡುಗಡೆ ಮಾಡಿದರು.
ಮಂಟಪ ಬೆಳಗಿಸಿದ ಶ್ರೀಕೃಷ್ಣ ಕ್ಷೇತ್ರದ ಶ್ರೀ ವೀರರಾಘವಾಚಾರ್ಯ ಸ್ವಾಮೀಜಿ, ಮೈಸೂರು ನಗರ ಮತ್ತು ಜಿಲ್ಲಾ ಬ್ರಾಹ್ಮಣ ಸಂಘದ ಅಧ್ಯಕ್ಷ ಡಿ.ಟಿ.ಪ್ರಕಾಶ್, ಸ್ವರಗ ಸಂಚಿಕೆ ಪ್ರಧಾನ ಸಂಪಾದಕ ಡಾ.ರಘುರಾಮ್ ಮತ್ತಿತರರು ಹಾಜರಿದ್ದರು.
